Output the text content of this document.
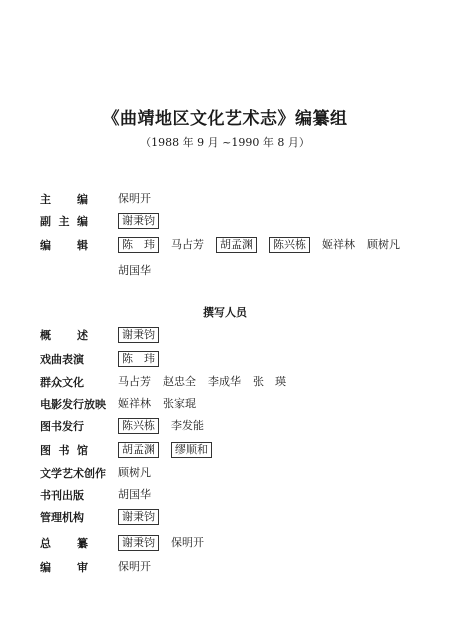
《曲靖地区文化艺术志》编纂组
（1988 年 9 月 ~1990 年 8 月）
撰写人员
主 编	保明开
副 主 编	谢秉钧
编 辑	陈　玮	马占芳	胡孟渊	陈兴栋	姬祥林 顾树凡
胡国华
概 述	谢秉钧
戏曲表演	陈　玮
群众文化	马占芳 赵忠全 李成华 张　瑛
电影发行放映	姬祥林 张家琨
图书发行	陈兴栋	李发能
图 书 馆	胡孟渊	缪顺和
文学艺术创作	顾树凡
书刊出版	胡国华
管理机构	谢秉钧
总 纂	谢秉钧	保明开
编 审	保明开
